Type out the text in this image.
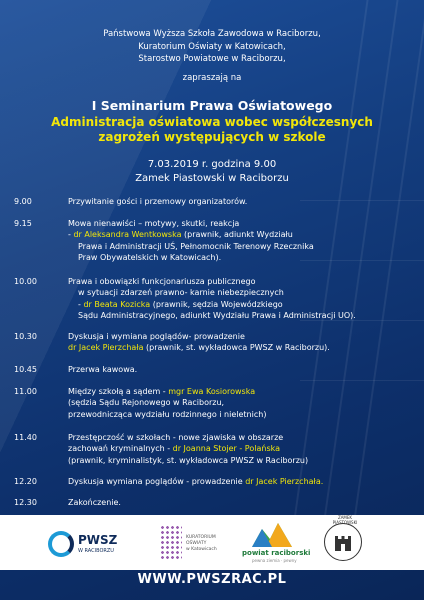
Państwowa Wyższa Szkoła Zawodowa w Raciborzu,
Kuratorium Oświaty w Katowicach,
Starostwo Powiatowe w Raciborzu,
zapraszają na
I Seminarium Prawa Oświatowego
Administracja oświatowa wobec współczesnych
zagrożeń występujących w szkole
7.03.2019 r. godzina 9.00
Zamek Piastowski w Raciborzu
9.00	Przywitanie gości i przemowy organizatorów.
9.15	Mowa nienawiści – motywy, skutki, reakcja
- dr Aleksandra Wentkowska (prawnik, adiunkt Wydziału
Prawa i Administracji UŚ, Pełnomocnik Terenowy Rzecznika
Praw Obywatelskich w Katowicach).
10.00	Prawa i obowiązki funkcjonariusza publicznego
w sytuacji zdarzeń prawno- karnie niebezpiecznych
- dr Beata Kozicka (prawnik, sędzia Wojewódzkiego
Sądu Administracyjnego, adiunkt Wydziału Prawa i Administracji UO).
10.30	Dyskusja i wymiana poglądów- prowadzenie
dr Jacek Pierzchała (prawnik, st. wykładowca PWSZ w Raciborzu).
10.45	Przerwa kawowa.
11.00	Między szkołą a sądem - mgr Ewa Kosiorowska
(sędzia Sądu Rejonowego w Raciborzu,
przewodnicząca wydziału rodzinnego i nieletnich)
11.40	Przestępczość w szkołach - nowe zjawiska w obszarze
zachowań kryminalnych - dr Joanna Stojer - Polańska
(prawnik, kryminalistyk, st. wykładowca PWSZ w Raciborzu)
12.20	Dyskusja wymiana poglądów - prowadzenie dr Jacek Pierzchała.
12.30	Zakończenie.
PWSZ
W RACIBORZU
KURATORIUM
OŚWIATY
w Katowicach	powiat raciborski
pewna ziemia · pewny
ZAMEK PIASTOWSKI
WWW.PWSZRAC.PL
